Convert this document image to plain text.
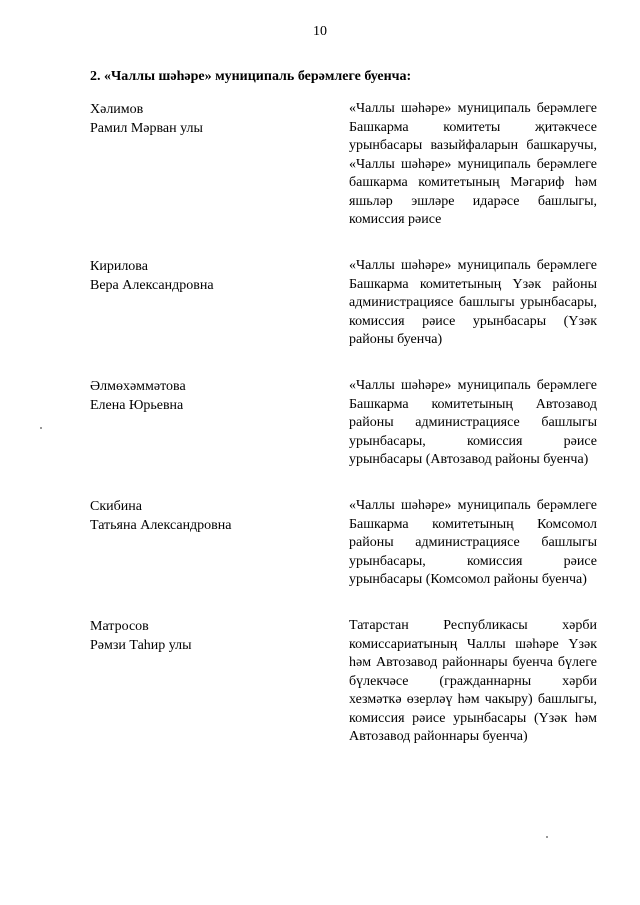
10
2. «Чаллы шәһәре» муниципаль берәмлеге буенча:
Хәлимов
Рамил Мәрван улы
«Чаллы шәһәре» муниципаль берәмлеге Башкарма комитеты җитәкчесе урынбасары вазыйфаларын башкаручы, «Чаллы шәһәре» муниципаль берәмлеге башкарма комитетының Мәгариф һәм яшьләр эшләре идарәсе башлыгы, комиссия рәисе
Кирилова
Вера Александровна
«Чаллы шәһәре» муниципаль берәмлеге Башкарма комитетының Үзәк районы администрациясе башлыгы урынбасары, комиссия рәисе урынбасары (Үзәк районы буенча)
Әлмөхәммәтова
Елена Юрьевна
«Чаллы шәһәре» муниципаль берәмлеге Башкарма комитетының Автозавод районы администрациясе башлыгы урынбасары, комиссия рәисе урынбасары (Автозавод районы буенча)
Скибина
Татьяна Александровна
«Чаллы шәһәре» муниципаль берәмлеге Башкарма комитетының Комсомол районы администрациясе башлыгы урынбасары, комиссия рәисе урынбасары (Комсомол районы буенча)
Матросов
Рәмзи Таһир улы
Татарстан Республикасы хәрби комиссариатының Чаллы шәһәре Үзәк һәм Автозавод районнары буенча бүлеге бүлекчәсе (гражданнарны хәрби хезмәткә өзерләү һәм чакыру) башлыгы, комиссия рәисе урынбасары (Үзәк һәм Автозавод районнары буенча)
